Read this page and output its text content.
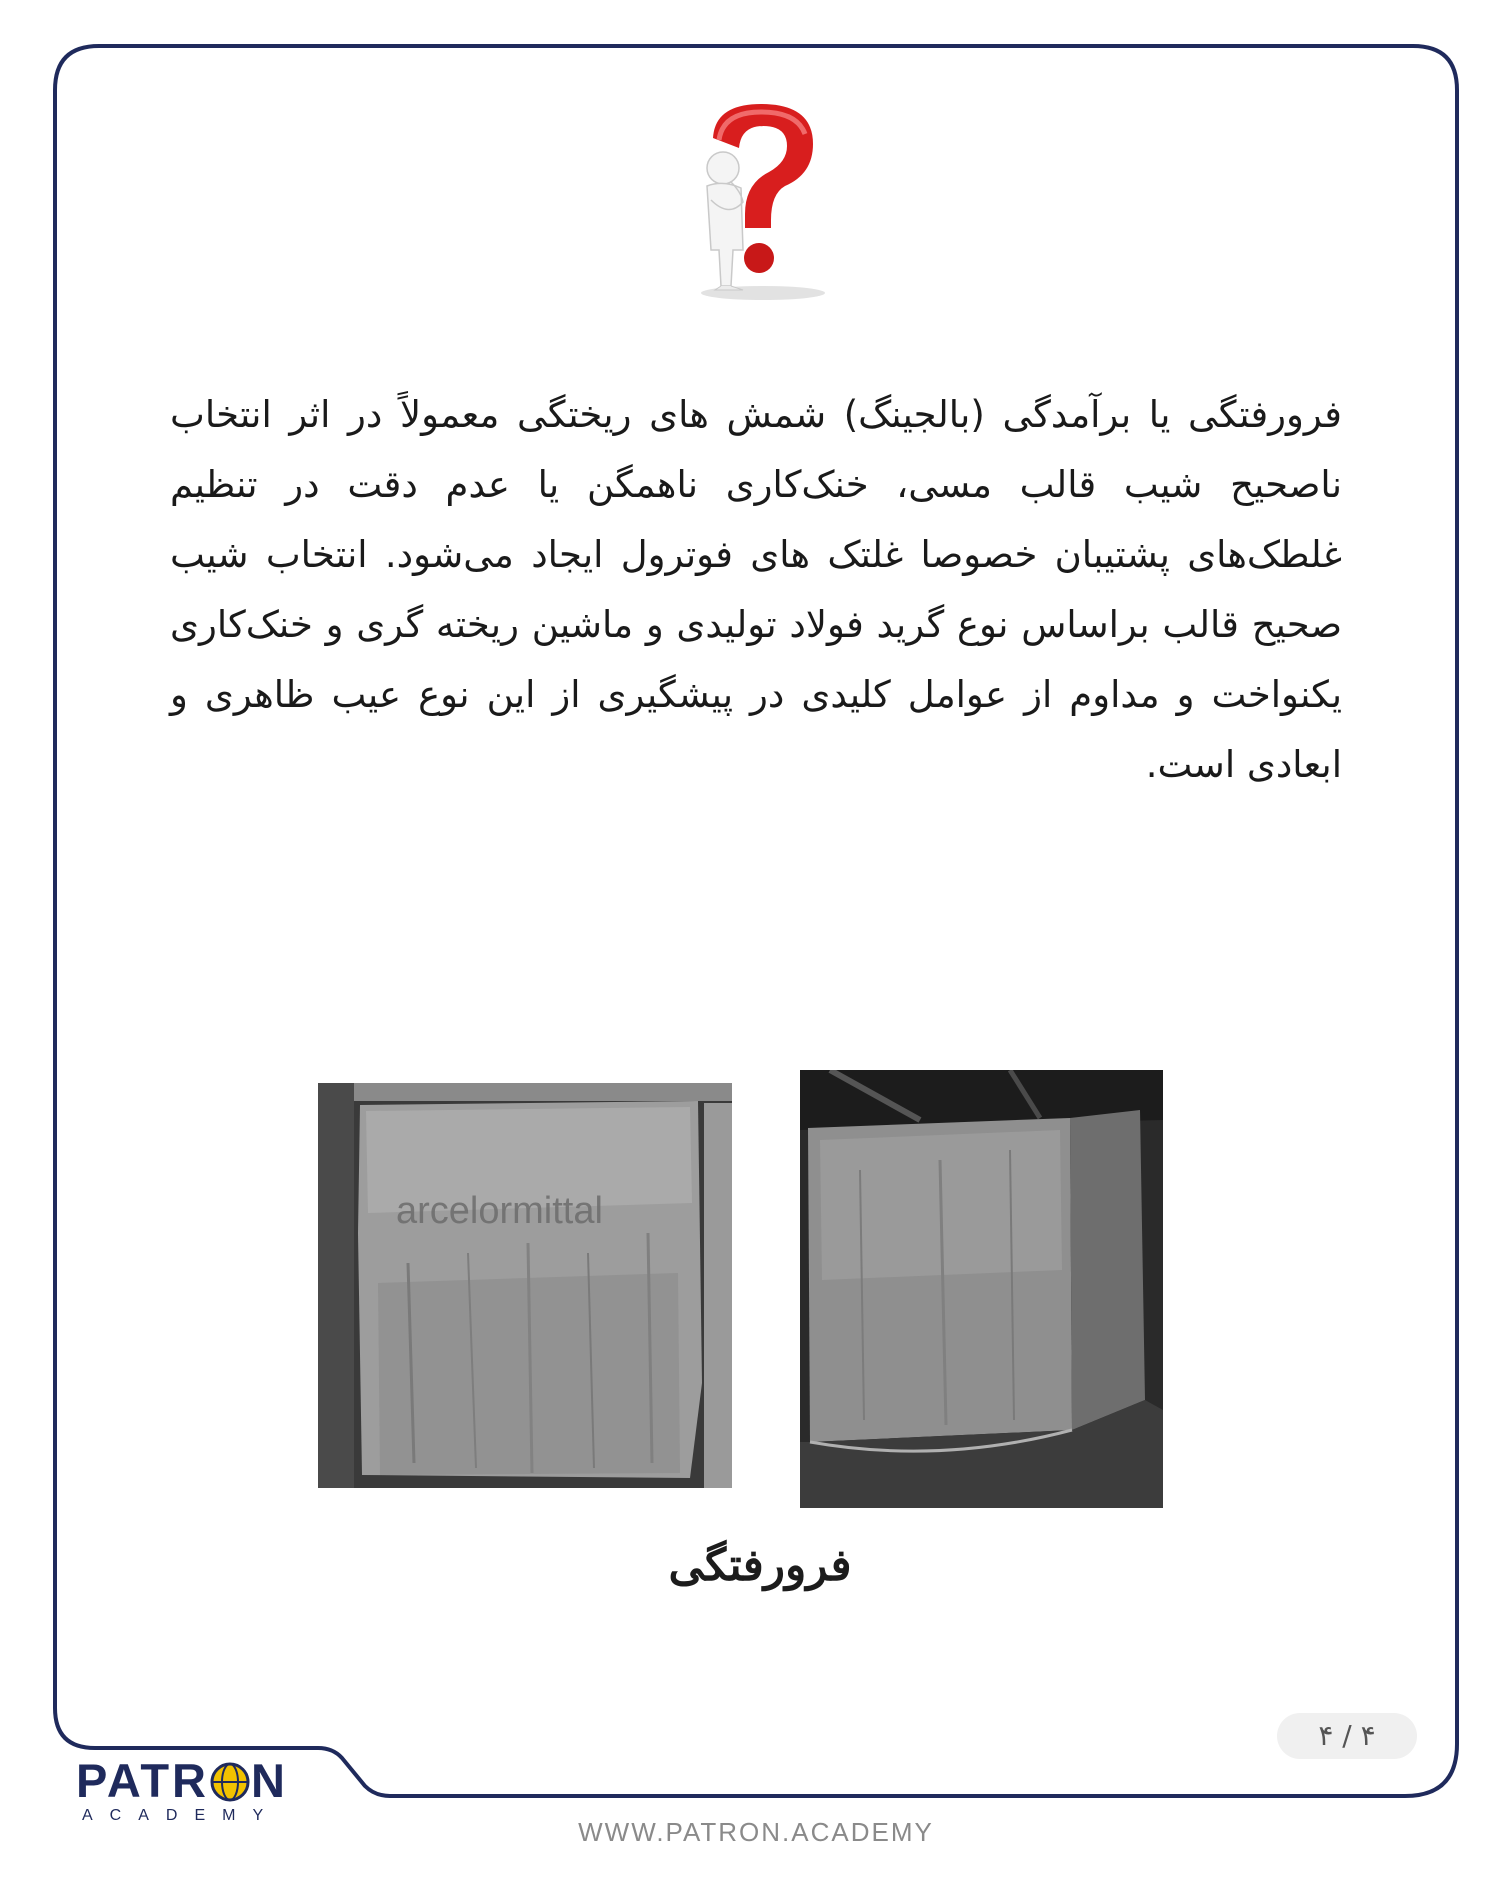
فرورفتگی یا برآمدگی (بالجینگ) شمش های ریختگی معمولاً در اثر انتخاب ناصحیح شیب قالب مسی، خنک‌کاری ناهمگن یا عدم دقت در تنظیم غلطک‌های پشتیبان خصوصا غلتک های فوترول ایجاد می‌شود. انتخاب شیب صحیح قالب براساس نوع گرید فولاد تولیدی و ماشین ریخته گری و خنک‌کاری یکنواخت و مداوم از عوامل کلیدی در پیشگیری از این نوع عیب ظاهری و ابعادی است.

arcelormittal
فرورفتگی
۴ / ۴
PATR N
ACADEMY
WWW.PATRON.ACADEMY
